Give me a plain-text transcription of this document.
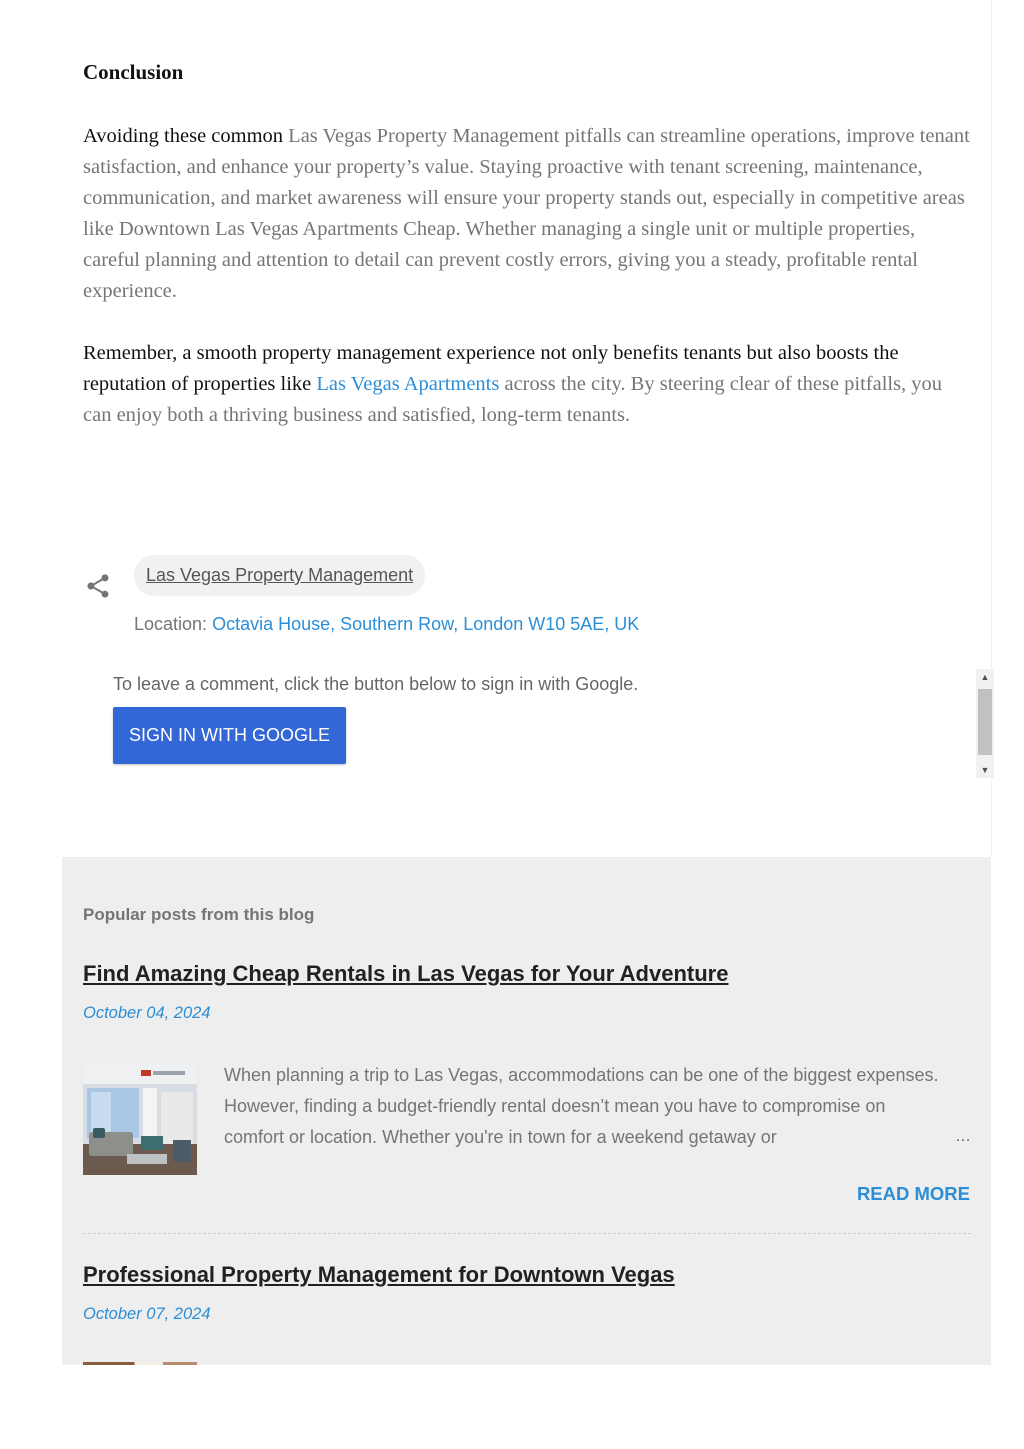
Conclusion

Avoiding these common Las Vegas Property Management pitfalls can streamline operations, improve tenant satisfaction, and enhance your property’s value. Staying proactive with tenant screening, maintenance, communication, and market awareness will ensure your property stands out, especially in competitive areas like Downtown Las Vegas Apartments Cheap. Whether managing a single unit or multiple properties, careful planning and attention to detail can prevent costly errors, giving you a steady, profitable rental experience.

Remember, a smooth property management experience not only benefits tenants but also boosts the reputation of properties like Las Vegas Apartments across the city. By steering clear of these pitfalls, you can enjoy both a thriving business and satisfied, long-term tenants.

Las Vegas Property Management
Location: Octavia House, Southern Row, London W10 5AE, UK
To leave a comment, click the button below to sign in with Google.
SIGN IN WITH GOOGLE
▲
▼
Popular posts from this blog
Find Amazing Cheap Rentals in Las Vegas for Your Adventure
October 04, 2024
When planning a trip to Las Vegas, accommodations can be one of the biggest expenses. However, finding a budget-friendly rental doesn’t mean you have to compromise on comfort or location. Whether you're in town for a weekend getaway or	…
READ MORE
Professional Property Management for Downtown Vegas
October 07, 2024
